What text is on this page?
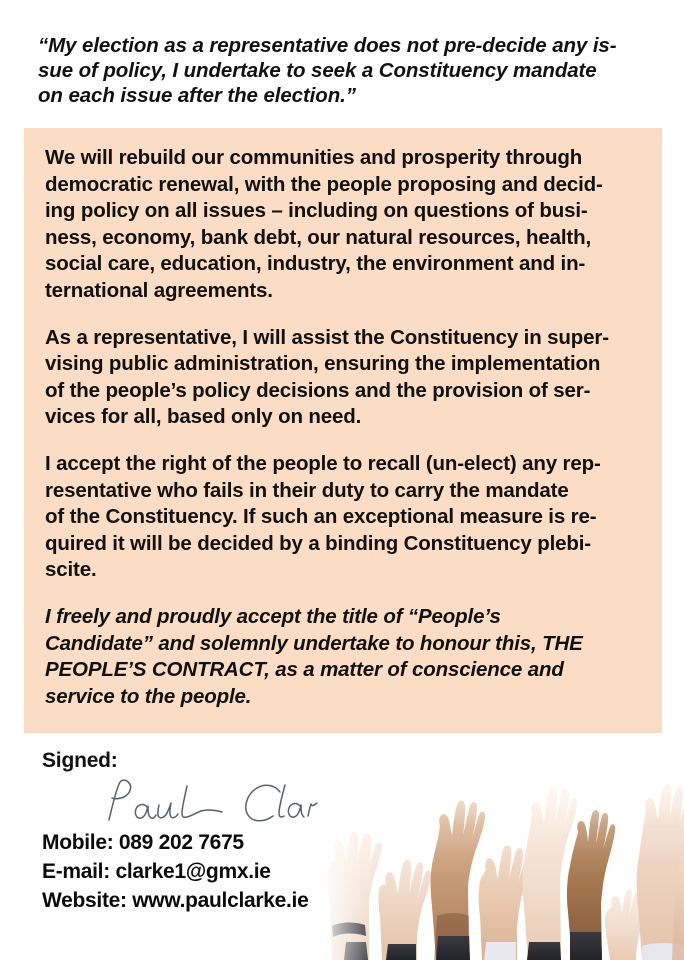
“My election as a representative does not pre-decide any is-
sue of policy, I undertake to seek a Constituency mandate
on each issue after the election.”

We will rebuild our communities and prosperity through
democratic renewal, with the people proposing and decid-
ing policy on all issues – including on questions of busi-
ness, economy, bank debt, our natural resources, health,
social care, education, industry, the environment and in-
ternational agreements.

As a representative, I will assist the Constituency in super-
vising public administration, ensuring the implementation
of the people’s policy decisions and the provision of ser-
vices for all, based only on need.

I accept the right of the people to recall (un-elect) any rep-
resentative who fails in their duty to carry the mandate
of the Constituency. If such an exceptional measure is re-
quired it will be decided by a binding Constituency plebi-
scite.

I freely and proudly accept the title of “People’s
Candidate” and solemnly undertake to honour this, THE
PEOPLE’S CONTRACT, as a matter of conscience and
service to the people.

Signed:
Mobile: 089 202 7675
E-mail: clarke1@gmx.ie
Website: www.paulclarke.ie
